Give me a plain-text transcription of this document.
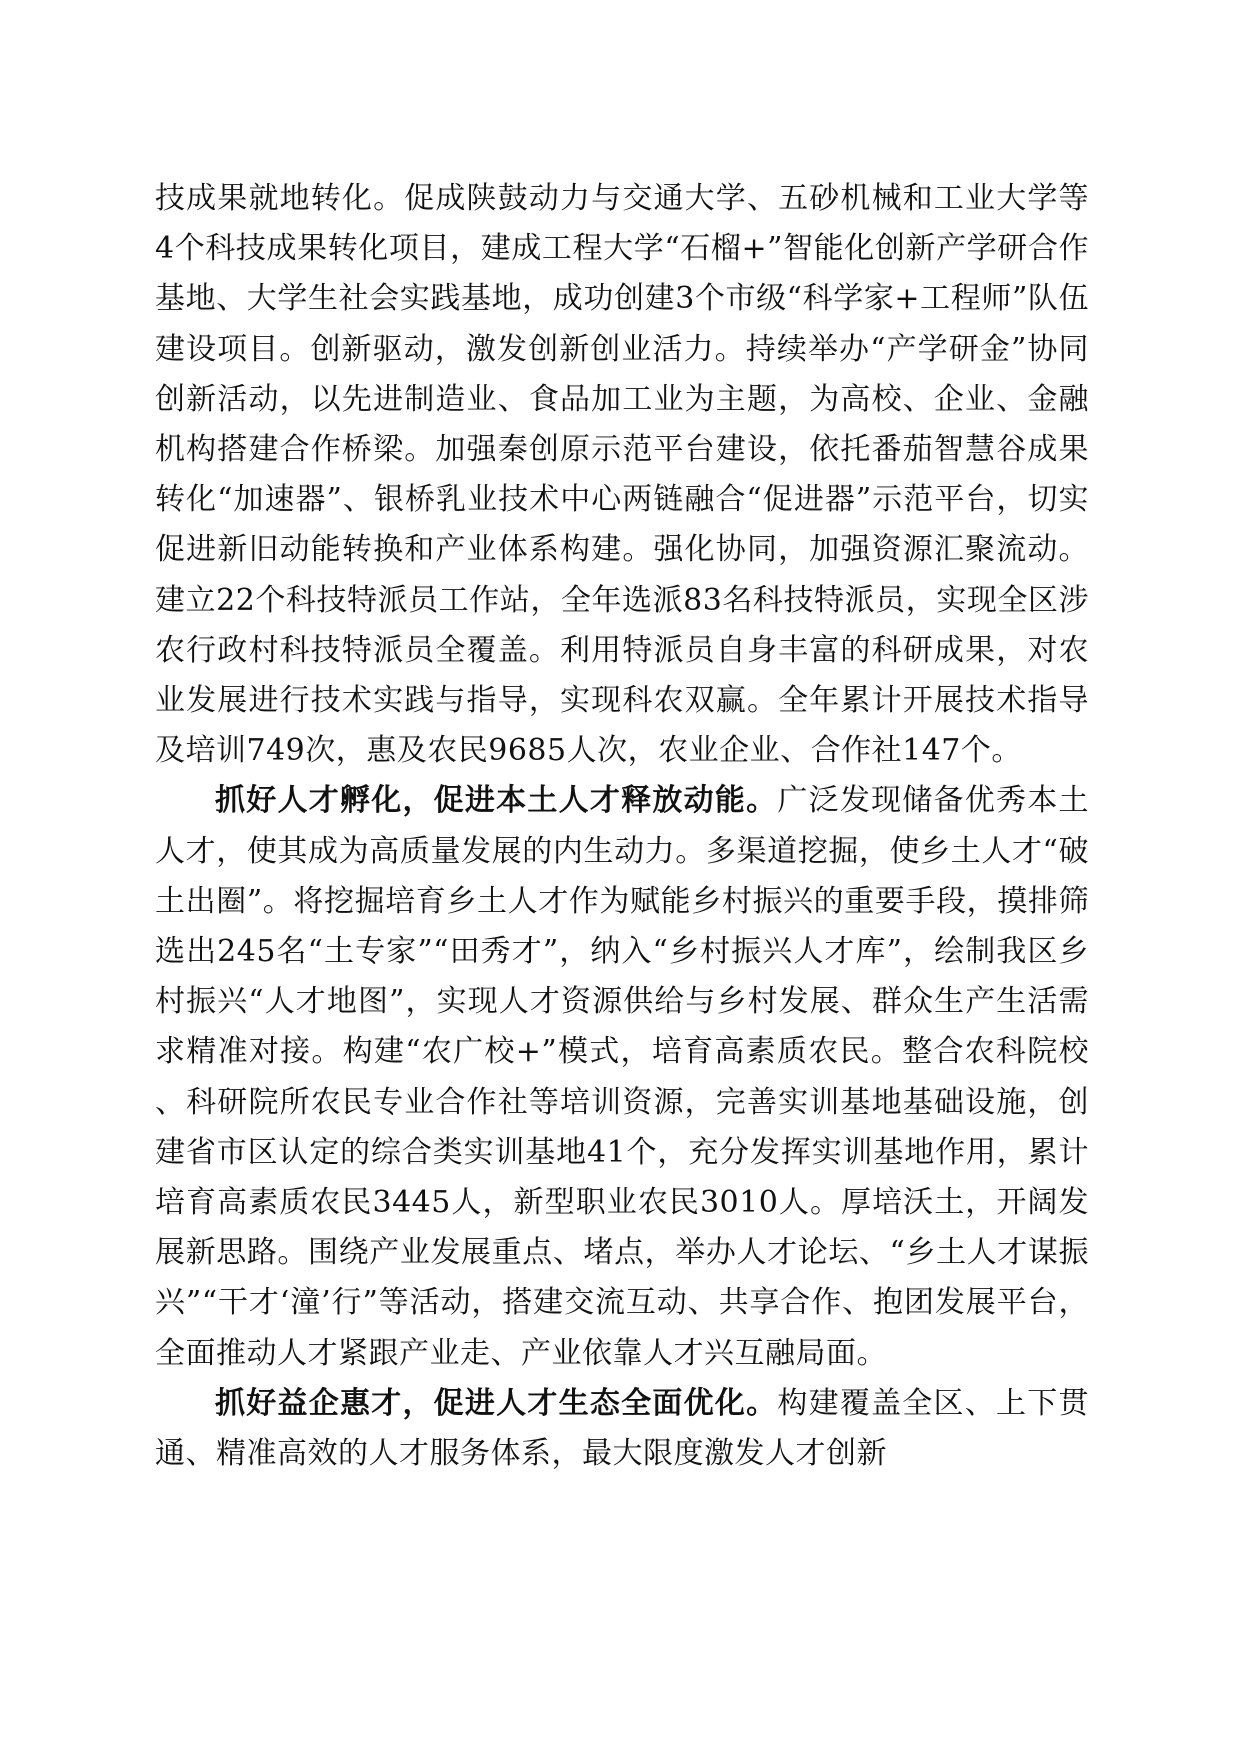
技成果就地转化。促成陕鼓动力与交通大学、五砂机械和工业大学等4个科技成果转化项目，建成工程大学“石榴+”智能化创新产学研合作基地、大学生社会实践基地，成功创建3个市级“科学家+工程师”队伍建设项目。创新驱动，激发创新创业活力。持续举办“产学研金”协同创新活动，以先进制造业、食品加工业为主题，为高校、企业、金融机构搭建合作桥梁。加强秦创原示范平台建设，依托番茄智慧谷成果转化“加速器”、银桥乳业技术中心两链融合“促进器”示范平台，切实促进新旧动能转换和产业体系构建。强化协同，加强资源汇聚流动。建立22个科技特派员工作站，全年选派83名科技特派员，实现全区涉农行政村科技特派员全覆盖。利用特派员自身丰富的科研成果，对农业发展进行技术实践与指导，实现科农双赢。全年累计开展技术指导及培训749次，惠及农民9685人次，农业企业、合作社147个。

抓好人才孵化，促进本土人才释放动能。广泛发现储备优秀本土人才，使其成为高质量发展的内生动力。多渠道挖掘，使乡土人才“破土出圈”。将挖掘培育乡土人才作为赋能乡村振兴的重要手段，摸排筛选出245名“土专家”“田秀才”，纳入“乡村振兴人才库”，绘制我区乡村振兴“人才地图”，实现人才资源供给与乡村发展、群众生产生活需求精准对接。构建“农广校+”模式，培育高素质农民。整合农科院校、科研院所农民专业合作社等培训资源，完善实训基地基础设施，创建省市区认定的综合类实训基地41个，充分发挥实训基地作用，累计培育高素质农民3445人，新型职业农民3010人。厚培沃土，开阔发展新思路。围绕产业发展重点、堵点，举办人才论坛、“乡土人才谋振兴”“干才‘潼’行”等活动，搭建交流互动、共享合作、抱团发展平台，全面推动人才紧跟产业走、产业依靠人才兴互融局面。

抓好益企惠才，促进人才生态全面优化。构建覆盖全区、上下贯通、精准高效的人才服务体系，最大限度激发人才创新
